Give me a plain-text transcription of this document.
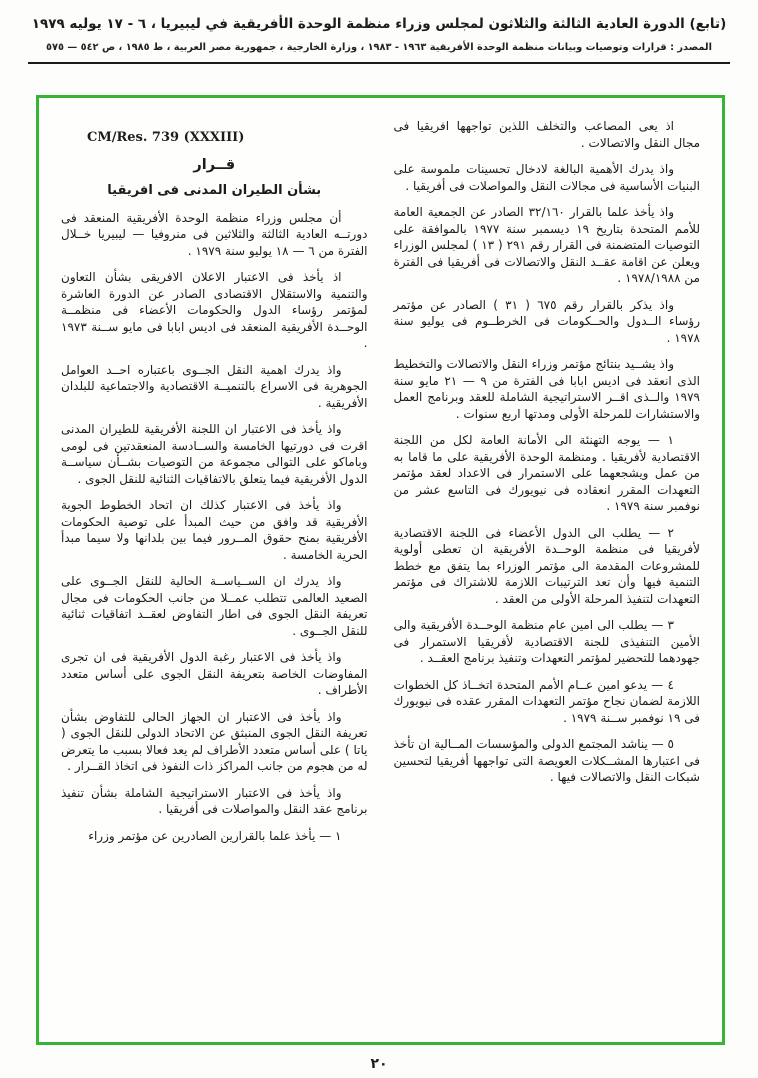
(تابع) الدورة العادية الثالثة والثلاثون لمجلس وزراء منظمة الوحدة الأفريقية في ليبيريا ، ٦ - ١٧ يوليه ١٩٧٩
المصدر : قرارات وتوصيات وبيانات منظمة الوحدة الأفريقية ١٩٦٣ - ١٩٨٣ ، وزارة الخارجية ، جمهورية مصر العربية ، ط ١٩٨٥ ، ص ٥٤٢ — ٥٧٥

اذ يعى المصاعب والتخلف اللذين تواجهها افريقيا فى مجال النقل والاتصالات .

واذ يدرك الأهمية البالغة لادخال تحسينات ملموسة على البنيات الأساسية فى مجالات النقل والمواصلات فى أفريقيا .

واذ يأخذ علما بالقرار ٣٢/١٦٠ الصادر عن الجمعية العامة للأمم المتحدة بتاريخ ١٩ ديسمبر سنة ١٩٧٧ بالموافقة على التوصيات المتضمنة فى القرار رقم ٢٩١ ( ١٣ ) لمجلس الوزراء ويعلن عن اقامة عقــد النقل والاتصالات فى أفريقيا فى الفترة من ١٩٧٨/١٩٨٨ .

واذ يذكر بالقرار رقم ٦٧٥ ( ٣١ ) الصادر عن مؤتمر رؤساء الــدول والحــكومات فى الخرطــوم فى يوليو سنة ١٩٧٨ .

واذ يشــيد بنتائج مؤتمر وزراء النقل والاتصالات والتخطيط الذى انعقد فى اديس ابابا فى الفترة من ٩ — ٢١ مايو سنة ١٩٧٩ والــذى اقــر الاستراتيجية الشاملة للعقد وبرنامج العمل والاستشارات للمرحلة الأولى ومدتها اربع سنوات .

١ — يوجه التهنئة الى الأمانة العامة لكل من اللجنة الاقتصادية لأفريقيا . ومنظمة الوحدة الأفريقية على ما قاما به من عمل ويشجعهما على الاستمرار فى الاعداد لعقد مؤتمر التعهدات المقرر انعقاده فى نيويورك فى التاسع عشر من نوفمبر سنة ١٩٧٩ .

٢ — يطلب الى الدول الأعضاء فى اللجنة الاقتصادية لأفريقيا فى منظمة الوحــدة الأفريقية ان تعطى أولوية للمشروعات المقدمة الى مؤتمر الوزراء بما يتفق مع خطط التنمية فيها وأن تعد الترتيبات اللازمة للاشتراك فى مؤتمر التعهدات لتنفيذ المرحلة الأولى من العقد .

٣ — يطلب الى امين عام منظمة الوحــدة الأفريقية والى الأمين التنفيذى للجنة الاقتصادية لأفريقيا الاستمرار فى جهودهما للتحضير لمؤتمر التعهدات وتنفيذ برنامج العقــد .

٤ — يدعو امين عــام الأمم المتحدة اتخــاذ كل الخطوات اللازمة لضمان نجاح مؤتمر التعهدات المقرر عقده فى نيويورك فى ١٩ نوفمبر ســنة ١٩٧٩ .

٥ — يناشد المجتمع الدولى والمؤسسات المــالية ان تأخذ فى اعتبارها المشــكلات العويصة التى تواجهها أفريقيا لتحسين شبكات النقل والاتصالات فيها .

CM/Res. 739 (XXXIII)

قــرار

بشأن الطيران المدنى فى افريقيا

أن مجلس وزراء منظمة الوحدة الأفريقية المنعقد فى دورتــه العادية الثالثة والثلاثين فى منروفيا — ليبيريا خــلال الفترة من ٦ — ١٨ يوليو سنة ١٩٧٩ .

اذ يأخذ فى الاعتبار الاعلان الافريقى بشأن التعاون والتنمية والاستقلال الاقتصادى الصادر عن الدورة العاشرة لمؤتمر رؤساء الدول والحكومات الأعضاء فى منظمــة الوحــدة الأفريقية المنعقد فى اديس ابابا فى مايو ســنة ١٩٧٣ .

واذ يدرك اهمية النقل الجــوى باعتباره احــد العوامل الجوهرية فى الاسراع بالتنميــة الاقتصادية والاجتماعية للبلدان الأفريقية .

واذ يأخذ فى الاعتبار ان اللجنة الأفريقية للطيران المدنى اقرت فى دورتيها الخامسة والســادسة المنعقدتين فى لومى وباماكو على التوالى مجموعة من التوصيات بشــأن سياســة الدول الأفريقية فيما يتعلق بالاتفاقيات الثنائية للنقل الجوى .

واذ يأخذ فى الاعتبار كذلك ان اتحاد الخطوط الجوية الأفريقية قد وافق من حيث المبدأ على توصية الحكومات الأفريقية بمنح حقوق المــرور فيما بين بلدانها ولا سيما مبدأ الحرية الخامسة .

واذ يدرك ان الســياســة الحالية للنقل الجــوى على الصعيد العالمى تتطلب عمــلا من جانب الحكومات فى مجال تعريفة النقل الجوى فى اطار التفاوض لعقــد اتفاقيات ثنائية للنقل الجــوى .

واذ يأخذ فى الاعتبار رغبة الدول الأفريقية فى ان تجرى المفاوضات الخاصة بتعريفة النقل الجوى على أساس متعدد الأطراف .

واذ يأخذ فى الاعتبار ان الجهاز الحالى للتفاوض بشأن تعريفة النقل الجوى المنبثق عن الاتحاد الدولى للنقل الجوى ( ياتا ) على أساس متعدد الأطراف لم يعد فعالا بسبب ما يتعرض له من هجوم من جانب المراكز ذات النفوذ فى اتخاذ القــرار .

واذ يأخذ فى الاعتبار الاستراتيجية الشاملة بشأن تنفيذ برنامج عقد النقل والمواصلات فى أفريقيا .

١ — يأخذ علما بالقرارين الصادرين عن مؤتمر وزراء

٢٠
